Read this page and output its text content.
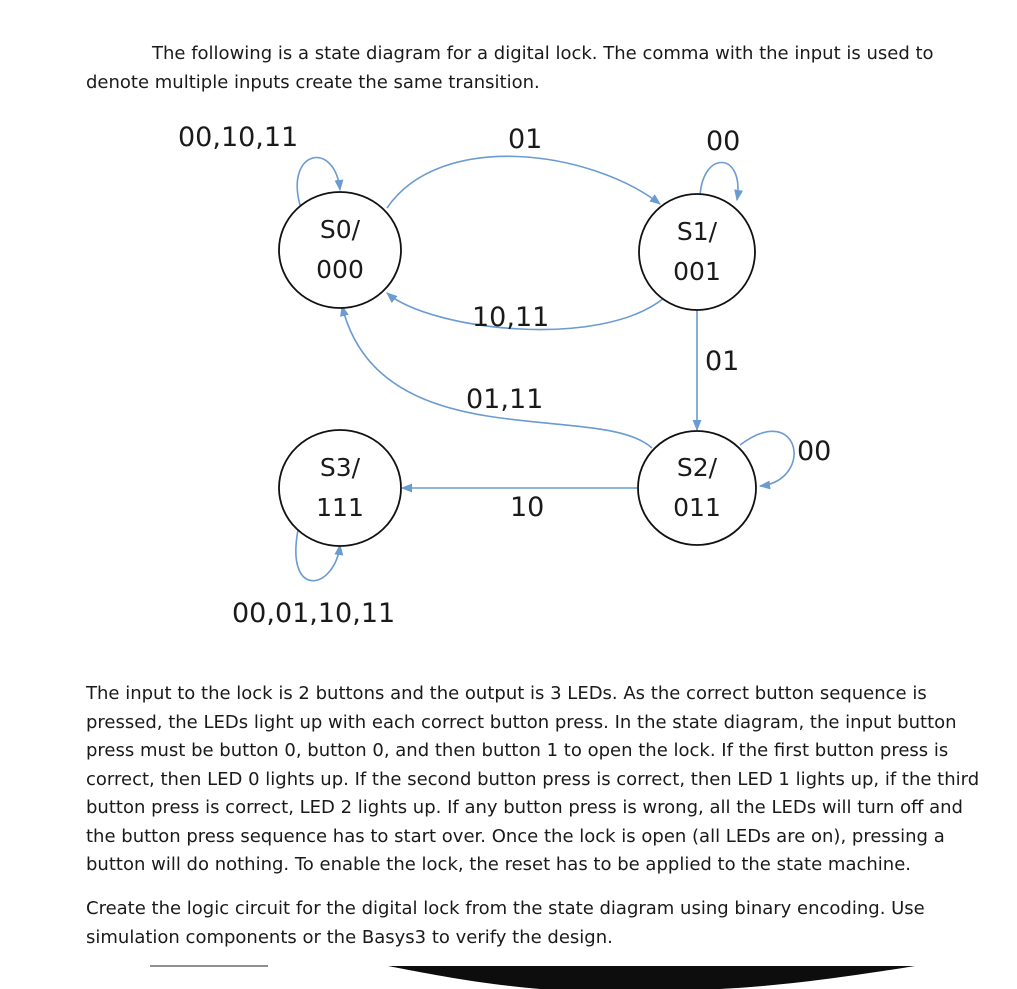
The following is a state diagram for a digital lock. The comma with the input is used to denote multiple inputs create the same transition.

S0/
000
S1/
001
S2/
011
S3/
111
00,10,11	01	00
10,11
01
01,11
00
10
00,01,10,11

The input to the lock is 2 buttons and the output is 3 LEDs. As the correct button sequence is pressed, the LEDs light up with each correct button press. In the state diagram, the input button press must be button 0, button 0, and then button 1 to open the lock. If the first button press is correct, then LED 0 lights up. If the second button press is correct, then LED 1 lights up, if the third button press is correct, LED 2 lights up. If any button press is wrong, all the LEDs will turn off and the button press sequence has to start over. Once the lock is open (all LEDs are on), pressing a button will do nothing. To enable the lock, the reset has to be applied to the state machine.

Create the logic circuit for the digital lock from the state diagram using binary encoding. Use simulation components or the Basys3 to verify the design.
